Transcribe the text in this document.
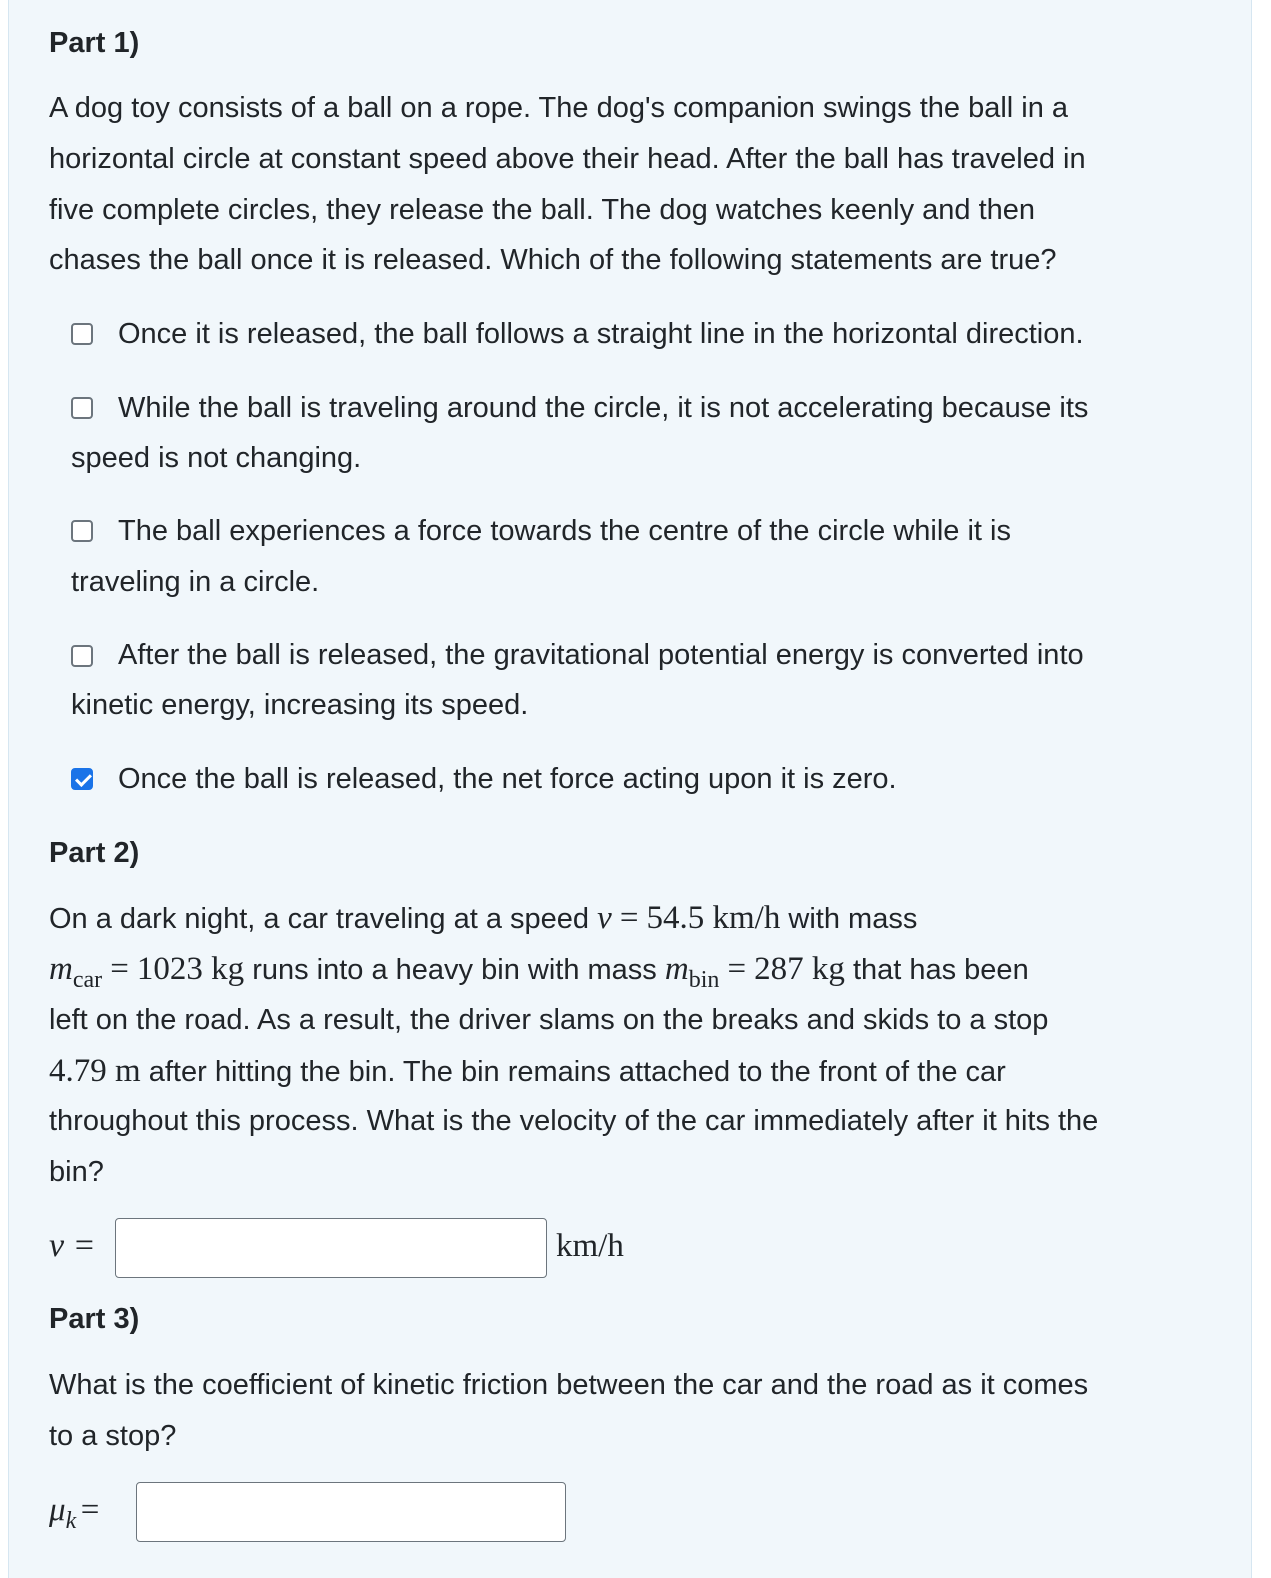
Part 1)
A dog toy consists of a ball on a rope. The dog's companion swings the ball in a
horizontal circle at constant speed above their head. After the ball has traveled in
five complete circles, they release the ball. The dog watches keenly and then
chases the ball once it is released. Which of the following statements are true?
Once it is released, the ball follows a straight line in the horizontal direction.
While the ball is traveling around the circle, it is not accelerating because its
speed is not changing.
The ball experiences a force towards the centre of the circle while it is
traveling in a circle.
After the ball is released, the gravitational potential energy is converted into
kinetic energy, increasing its speed.
Once the ball is released, the net force acting upon it is zero.
Part 2)
On a dark night, a car traveling at a speed v = 54.5 km/h with mass
$m_{car} = 1023$ kg runs into a heavy bin with mass $m_{bin} = 287$ kg that has been
left on the road. As a result, the driver slams on the breaks and skids to a stop
4.79 m after hitting the bin. The bin remains attached to the front of the car
throughout this process. What is the velocity of the car immediately after it hits the
bin?
v =	km/h
Part 3)
What is the coefficient of kinetic friction between the car and the road as it comes
to a stop?
μk =
